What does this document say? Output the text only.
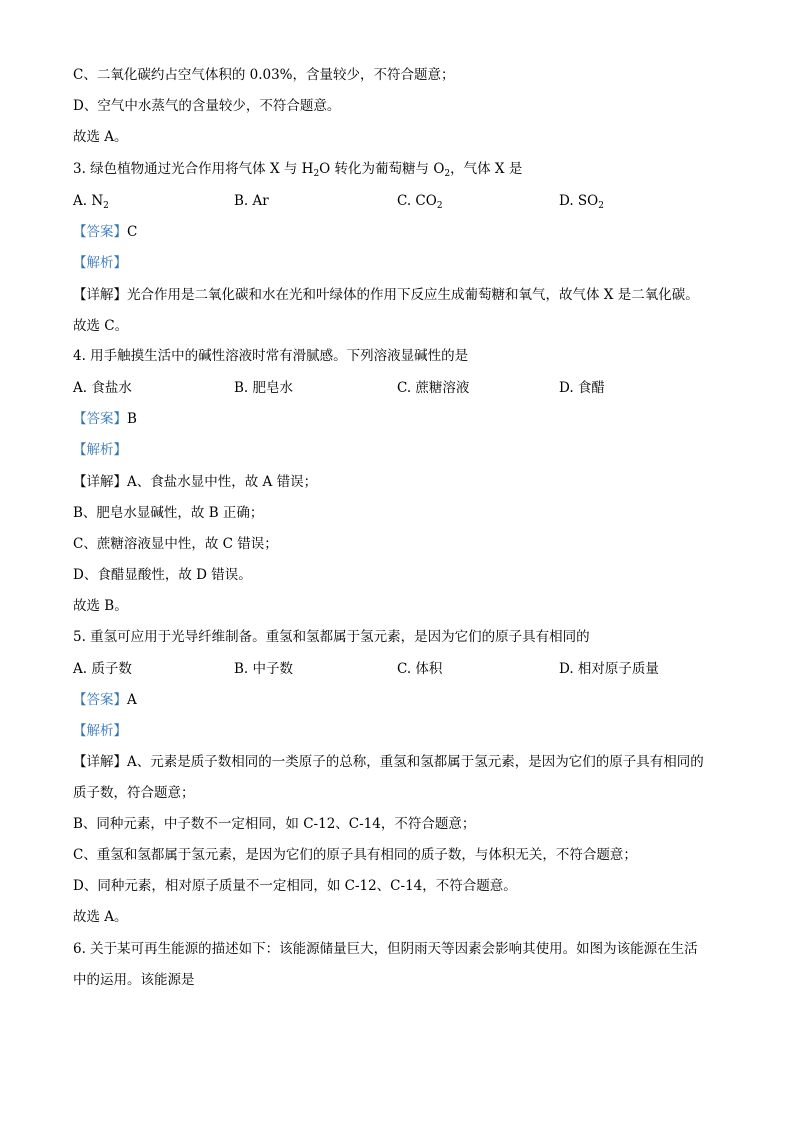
C、二氧化碳约占空气体积的 0.03%，含量较少，不符合题意；
D、空气中水蒸气的含量较少，不符合题意。
故选 A。
3. 绿色植物通过光合作用将气体 X 与 $H_2O$ 转化为葡萄糖与 $O_2$，气体 X 是
A. $N_2$	B. Ar	C. $CO_2$	D. $SO_2$
【答案】C
【解析】
【详解】光合作用是二氧化碳和水在光和叶绿体的作用下反应生成葡萄糖和氧气，故气体 X 是二氧化碳。
故选 C。
4. 用手触摸生活中的碱性溶液时常有滑腻感。下列溶液显碱性的是
A. 食盐水	B. 肥皂水	C. 蔗糖溶液	D. 食醋
【答案】B
【解析】
【详解】A、食盐水显中性，故 A 错误；
B、肥皂水显碱性，故 B 正确；
C、蔗糖溶液显中性，故 C 错误；
D、食醋显酸性，故 D 错误。
故选 B。
5. 重氢可应用于光导纤维制备。重氢和氢都属于氢元素，是因为它们的原子具有相同的
A. 质子数	B. 中子数	C. 体积	D. 相对原子质量
【答案】A
【解析】
【详解】A、元素是质子数相同的一类原子的总称，重氢和氢都属于氢元素，是因为它们的原子具有相同的
质子数，符合题意；
B、同种元素，中子数不一定相同，如 C-12、C-14，不符合题意；
C、重氢和氢都属于氢元素，是因为它们的原子具有相同的质子数，与体积无关，不符合题意；
D、同种元素，相对原子质量不一定相同，如 C-12、C-14，不符合题意。
故选 A。
6. 关于某可再生能源的描述如下：该能源储量巨大，但阴雨天等因素会影响其使用。如图为该能源在生活
中的运用。该能源是
